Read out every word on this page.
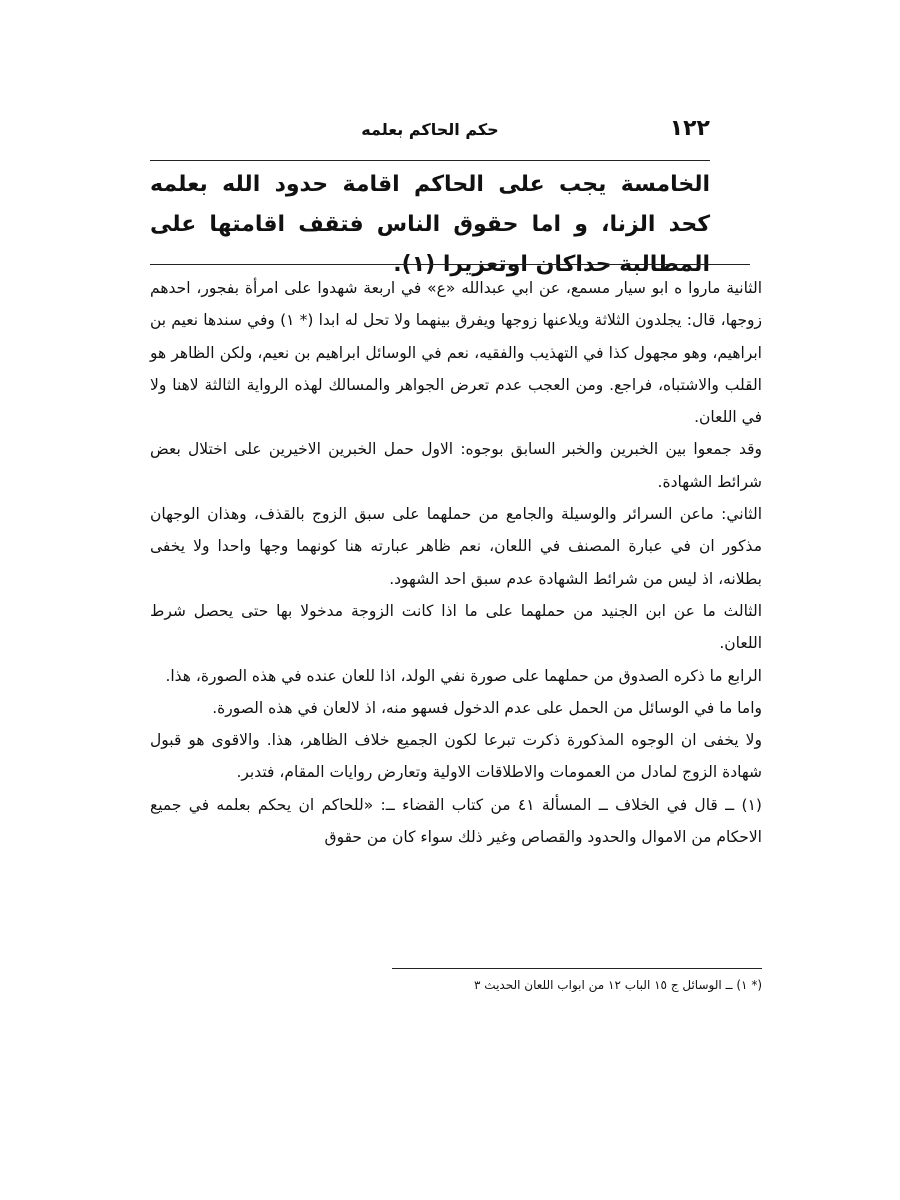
١٢٢
حكم الحاكم بعلمه
الخامسة يجب على الحاكم اقامة حدود الله بعلمه كحد الزنا، و اما حقوق الناس فتقف اقامتها على المطالبة حداكان اوتعزيرا (١).

الثانية ماروا ه ابو سيار مسمع، عن ابي عبدالله «ع» في اربعة شهدوا على امرأة بفجور، احدهم زوجها، قال: يجلدون الثلاثة ويلاعنها زوجها ويفرق بينهما ولا تحل له ابدا (* ١) وفي سندها نعيم بن ابراهيم، وهو مجهول كذا في التهذيب والفقيه، نعم في الوسائل ابراهيم بن نعيم، ولكن الظاهر هو القلب والاشتباه، فراجع. ومن العجب عدم تعرض الجواهر والمسالك لهذه الرواية الثالثة لاهنا ولا في اللعان.

وقد جمعوا بين الخبرين والخبر السابق بوجوه: الاول حمل الخبرين الاخيرين على اختلال بعض شرائط الشهادة.

الثاني: ماعن السرائر والوسيلة والجامع من حملهما على سبق الزوج بالقذف، وهذان الوجهان مذكور ان في عبارة المصنف في اللعان، نعم ظاهر عبارته هنا كونهما وجها واحدا ولا يخفى بطلانه، اذ ليس من شرائط الشهادة عدم سبق احد الشهود.

الثالث ما عن ابن الجنيد من حملهما على ما اذا كانت الزوجة مدخولا بها حتى يحصل شرط اللعان.

الرابع ما ذكره الصدوق من حملهما على صورة نفي الولد، اذا للعان عنده في هذه الصورة، هذا.

واما ما في الوسائل من الحمل على عدم الدخول فسهو منه، اذ لالعان في هذه الصورة.

ولا يخفى ان الوجوه المذكورة ذكرت تبرعا لكون الجميع خلاف الظاهر، هذا. والاقوى هو قبول شهادة الزوج لمادل من العمومات والاطلاقات الاولية وتعارض روايات المقام، فتدبر.

(١) ــ قال في الخلاف ــ المسألة ٤١ من كتاب القضاء ــ: «للحاكم ان يحكم بعلمه في جميع الاحكام من الاموال والحدود والقصاص وغير ذلك سواء كان من حقوق

(* ١) ــ الوسائل ج ١٥ الباب ١٢ من ابواب اللعان الحديث ٣
